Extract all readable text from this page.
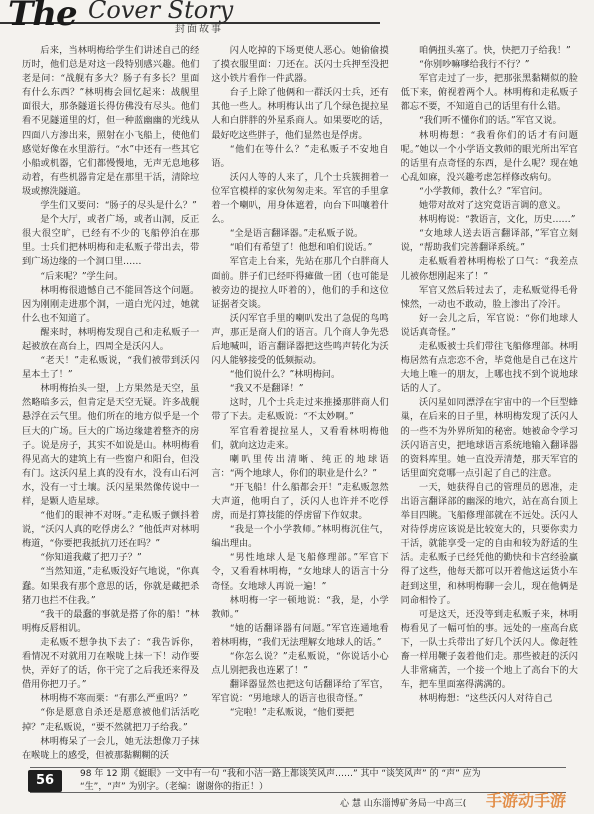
The Cover Story
封面故事

后来，当林明梅给学生们讲述自己的经历时，他们总是对这一段特别感兴趣。他们老是问：“战舰有多大？肠子有多长？里面有什么东西？”林明梅会回忆起来：战舰里面很大，那条隧道长得仿佛没有尽头。他们看不见隧道里的灯，但一种蓝幽幽的光线从四面八方渗出来，照射在小飞船上，使他们感觉好像在水里游行。“水”中还有一些其它小船或机器，它们都慢慢地，无声无息地移动着，有些机器肯定是在那里干活，清除垃圾或擦洗隧道。

学生们又要问：“肠子的尽头是什么？”

是个大厅，或者广场，或者山洞，反正很大很空旷，已经有不少的飞船停泊在那里。士兵们把林明梅和走私贩子带出去，带到广场边缘的一个洞口里……

“后来呢？”学生问。

林明梅很遗憾自己不能回答这个问题。因为刚刚走进那个洞，一道白光闪过，她就什么也不知道了。

醒来时，林明梅发现自己和走私贩子一起被放在高台上，四周全是沃闪人。

“老天！”走私贩说，“我们被带到沃闪星本土了！”

林明梅抬头一望，上方果然是天空，虽然略暗多云，但肯定是天空无疑。许多战舰悬浮在云气里。他们所在的地方似乎是一个巨大的广场。巨大的广场边缘建着整齐的房子。说是房子，其实不如说是山。林明梅看得见高大的建筑上有一些窗户和阳台，但没有门。这沃闪星上真的没有水，没有山石河水，没有一寸土壤。沃闪星果然像传说中一样，是颗人造星球。

“他们的眼神不对呀。”走私贩子颤抖着说，“沃闪人真的吃俘虏么？”他低声对林明梅道，“你要把我抵抗刀还在吗？”

“你知道我藏了把刀子？”

“当然知道，”走私贩没好气地说，“你真蠢。如果我有那个意思的话，你就是藏把杀猪刀也拦不住我。”

“我干的最蠢的事就是搭了你的船！”林明梅反唇相讥。

走私贩不想争执下去了：“我告诉你，看情况不对就用刀在喉咙上抹一下！动作要快，弄好了的话，你干完了之后我还来得及借用你把刀子。”

林明梅不寒而栗：“有那么严重吗？”

“你是愿意自杀还是愿意被他们活活吃掉？”走私贩说，“要不然就把刀子给我。”

林明梅呆了一会儿，她无法想像刀子抹在喉咙上的感受，但被那黏糊糊的沃

闪人吃掉的下场更使人恶心。她偷偷摸了摸衣服里面：刀还在。沃闪士兵押至没把这小铁片看作一件武器。

台子上除了他俩和一群沃闪士兵，还有其他一些人。林明梅认出了几个绿色提拉星人和白胖胖的外星系商人。如果要吃的话，最好吃这些胖子，他们显然也是俘虏。

“他们在等什么？”走私贩子不安地自语。

沃闪人等的人来了，几个士兵簇拥着一位军官模样的家伙匆匆走来。军官的手里拿着一个喇叭，用身体遮着，向台下叫嚷着什么。

“全是语言翻译器。”走私贩子说。

“咱们有希望了！他想和咱们说话。”

军官走上台来，先站在那几个白胖商人面前。胖子们已经吓得瘫做一团（也可能是被旁边的提拉人吓着的），他们的手和这位证据者交谈。

沃闪军官手里的喇叭发出了急促的鸟鸣声，那正是商人们的语言。几个商人争先恐后地喊叫，语言翻译器把这些鸣声转化为沃闪人能够接受的低频振动。

“他们说什么？”林明梅问。

“我又不是翻译！”

这时，几个士兵走过来推搡那胖商人们带了下去。走私贩说：“不太妙啊。”

军官看着提拉星人，又看看林明梅他们，就向这边走来。

喇叭里传出清晰、纯正的地球语言：“两个地球人，你们的职业是什么？”

“开飞船！什么船都会开！”走私贩忽然大声道，他明白了，沃闪人也许并不吃俘虏，而是打算技能的俘虏留下作奴隶。

“我是一个小学教师。”林明梅沉住气，编出理由。

“男性地球人是飞船修理部。”军官下令，又看看林明梅，“女地球人的语言十分奇怪。女地球人再说一遍！”

林明梅一字一顿地说：“我，是，小学教师。”

“她的话翻译器有问题。”军官连通地看着林明梅，“我们无法理解女地球人的话。”

“你怎么说？”走私贩说，“你说话小心点儿别把我也连累了！”

翻译器显然也把这句话翻译给了军官，军官说：“男地球人的语言也很奇怪。”

“完啦！”走私贩说，“他们要把

咱俩扭头塞了。快，快把刀子给我！”

“你别吵嘛嗲给我行不行？”

军官走过了一步，把那张黑黏糊似的脸低下来，俯视着两个人。林明梅和走私贩子都忘不要，不知道自己的话里有什么错。

“我们听不懂你们的话。”军官又说。

林明梅想：“我看你们的话才有问题呢。”她以一个小学语文教师的眼光所出军官的话里有点奇怪的东西，是什么呢？现在她心乱如麻，没兴趣考虑怎样修改病句。

“小学教师，教什么？”军官问。

她带对故对了这究竟语言调的意义。

林明梅说：“教语言，文化，历史……”

“女地球人送去语言翻译部，”军官立刻说，“帮助我们完善翻译系统。”

走私贩看着林明梅松了口气：“我差点儿被你想刚起来了！”

军官又然后转过去了，走私贩觉得毛骨悚然，一动也不敢动，脸上渗出了冷汗。

好一会儿之后，军官说：“你们地球人说话真奇怪。”

走私贩被士兵们带往飞船修理部。林明梅居然有点恋恋不舍，毕竟他是自己在这片大地上唯一的朋友，上哪也找不到个说地球话的人了。

沃闪星如同漂浮在宇宙中的一个巨型蜂巢，在后来的日子里，林明梅发现了沃闪人的一些不为外界所知的秘密。她被命令学习沃闪语言史，把地球语言系统地输入翻译器的资料库里。她一直没弄清楚，那天军官的话里面究竟哪一点引起了自己的注意。

一天，她获得自己的管理员的恩准，走出语言翻译部的幽深的地穴，站在高台顶上举目四眺。飞船修理部就在不远处。沃闪人对待俘虏应该说是比较宽大的，只要你卖力干活，就能享受一定的自由和较为舒适的生活。走私贩子已经凭他的勤快和卡宫经验赢得了这些，他每天都可以开着他这运货小车赶到这里，和林明梅聊一会儿，现在他俩是同命相怜了。

可是这天，还没等到走私贩子来，林明梅看见了一幅可怕的事。远处的一座高台底下，一队士兵带出了好几个沃闪人。像赶牲畜一样用鞭子轰着他们走。那些被赶的沃闪人非常痛苦，一个接一个地上了高台下的大车，把车里面塞得满满的。

林明梅想：“这些沃闪人对待自己

56	98 年 12 期《蜓眼》一文中有一句 “我和小洁一路上都谈笑风声……” 其中 “谈笑风声” 的 “声” 应为
“生”，“声” 为别字。（老编：谢谢你的指正！）
心 慧 山东淄博矿务局一中高三( 手游动手游
